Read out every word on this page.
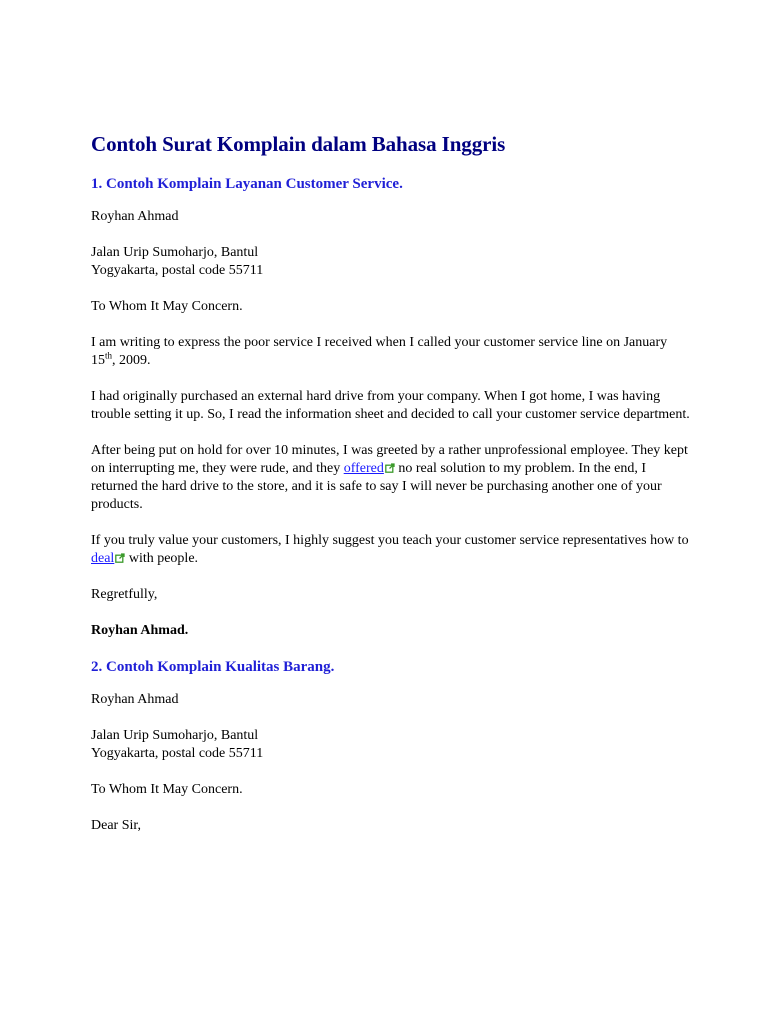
Contoh Surat Komplain dalam Bahasa Inggris
1. Contoh Komplain Layanan Customer Service.

Royhan Ahmad

Jalan Urip Sumoharjo, Bantul
Yogyakarta, postal code 55711

To Whom It May Concern.

I am writing to express the poor service I received when I called your customer service line on January 15th, 2009.

I had originally purchased an external hard drive from your company. When I got home, I was having trouble setting it up. So, I read the information sheet and decided to call your customer service department.

After being put on hold for over 10 minutes, I was greeted by a rather unprofessional employee. They kept on interrupting me, they were rude, and they offered no real solution to my problem. In the end, I returned the hard drive to the store, and it is safe to say I will never be purchasing another one of your products.

If you truly value your customers, I highly suggest you teach your customer service representatives how to deal with people.

Regretfully,

Royhan Ahmad.

2. Contoh Komplain Kualitas Barang.

Royhan Ahmad

Jalan Urip Sumoharjo, Bantul
Yogyakarta, postal code 55711

To Whom It May Concern.

Dear Sir,
